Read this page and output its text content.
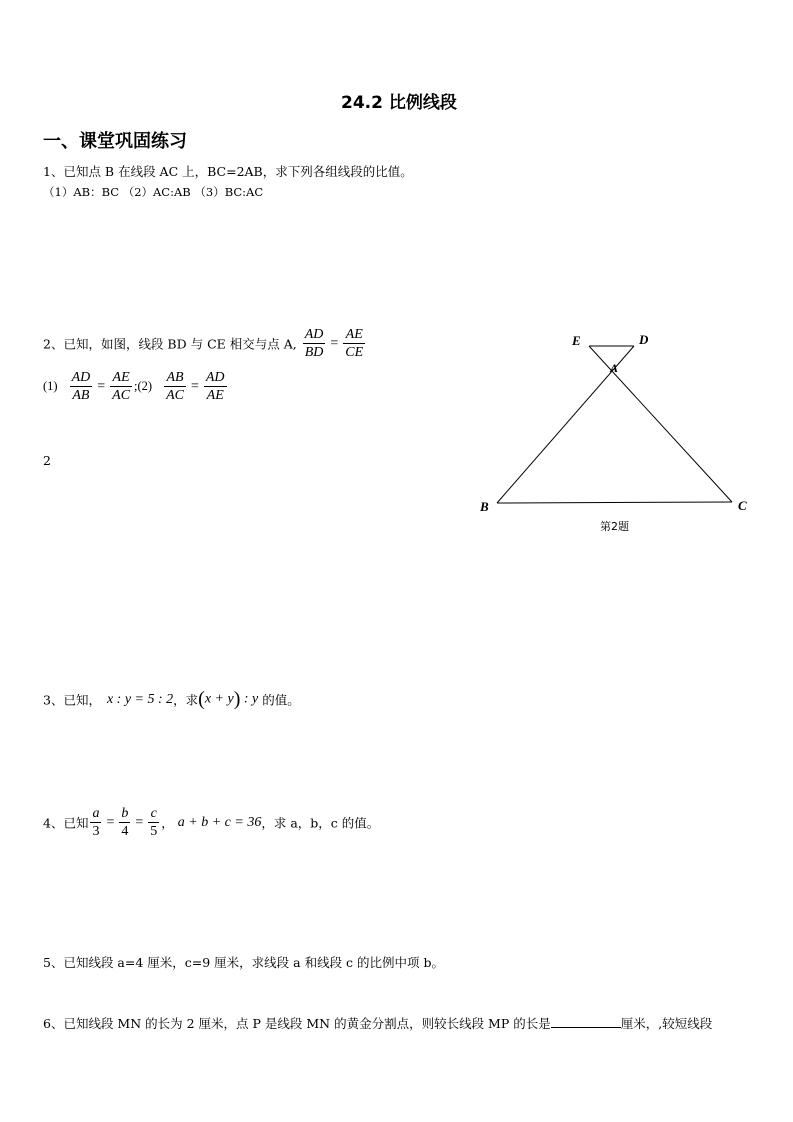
24.2 比例线段
一、课堂巩固练习
1、已知点 B 在线段 AC 上，BC=2AB，求下列各组线段的比值。
（1）AB：BC （2）AC:AB （3）BC:AC
2、已知，如图，线段 BD 与 CE 相交与点 A, $\frac{AD}{BD} = \frac{AE}{CE}$
$(1) \frac{AD}{AB} = \frac{AE}{AC}$ ;(2) $\frac{AB}{AC} = \frac{AD}{AE}$
2
E	D
A
B	C
第2题
3、已知， x : y = 5 : 2，求(x + y) : y 的值。
4、已知 $\frac{a}{3} = \frac{b}{4} = \frac{c}{5}$ ， a + b + c = 36，求 a，b，c 的值。
5、已知线段 a=4 厘米，c=9 厘米，求线段 a 和线段 c 的比例中项 b。
6、已知线段 MN 的长为 2 厘米，点 P 是线段 MN 的黄金分割点，则较长线段 MP 的长是	厘米，,较短线段
